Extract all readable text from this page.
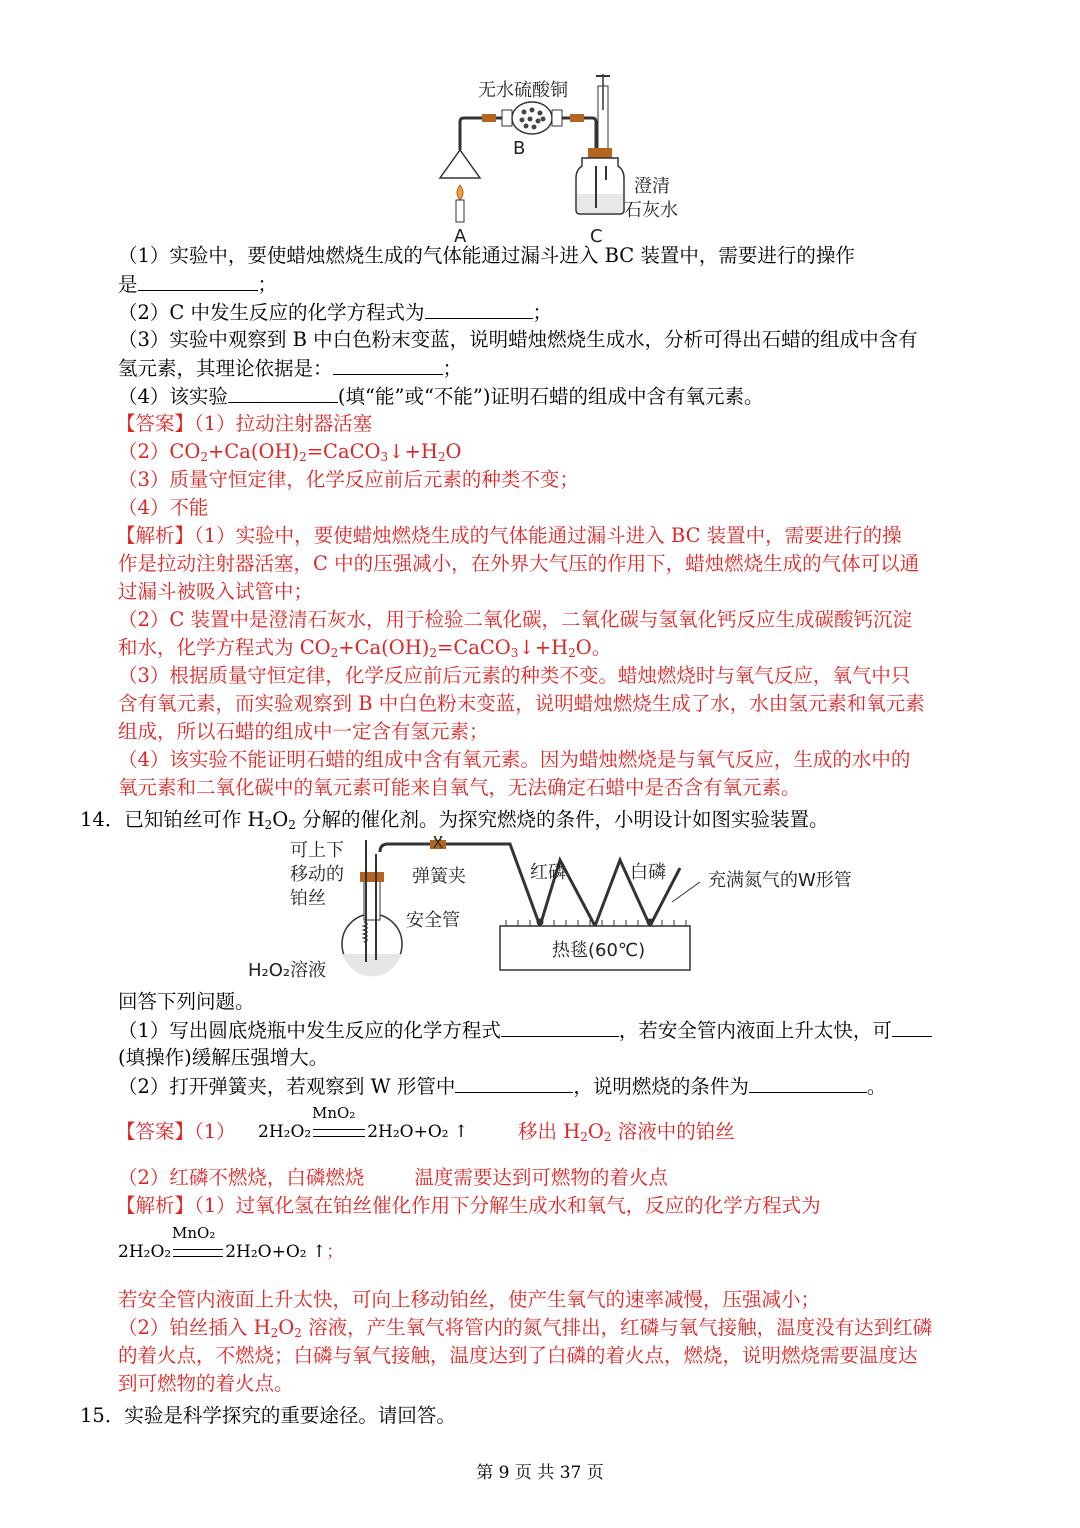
无水硫酸铜
B
A	C
澄清
石灰水
（1）实验中，要使蜡烛燃烧生成的气体能通过漏斗进入 BC 装置中，需要进行的操作
是	；
（2）C 中发生反应的化学方程式为	；
（3）实验中观察到 B 中白色粉末变蓝，说明蜡烛燃烧生成水，分析可得出石蜡的组成中含有
氢元素，其理论依据是：	；
（4）该实验	(填“能”或“不能”)证明石蜡的组成中含有氧元素。
【答案】（1）拉动注射器活塞
$(2)CO_2+Ca(OH)_2=CaCO_3↓+H_2O$
（3）质量守恒定律，化学反应前后元素的种类不变；
（4）不能
【解析】（1）实验中，要使蜡烛燃烧生成的气体能通过漏斗进入 BC 装置中，需要进行的操
作是拉动注射器活塞，C 中的压强减小，在外界大气压的作用下，蜡烛燃烧生成的气体可以通
过漏斗被吸入试管中；
（2）C 装置中是澄清石灰水，用于检验二氧化碳，二氧化碳与氢氧化钙反应生成碳酸钙沉淀
和水，化学方程式为 $CO_2+Ca(OH)_2=CaCO_3↓+H_2O$。
（3）根据质量守恒定律，化学反应前后元素的种类不变。蜡烛燃烧时与氧气反应，氧气中只
含有氧元素，而实验观察到 B 中白色粉末变蓝，说明蜡烛燃烧生成了水，水由氢元素和氧元素
组成，所以石蜡的组成中一定含有氢元素；
（4）该实验不能证明石蜡的组成中含有氧元素。因为蜡烛燃烧是与氧气反应，生成的水中的
氧元素和二氧化碳中的氧元素可能来自氧气，无法确定石蜡中是否含有氧元素。
14．已知铂丝可作 $H_2O_2$ 分解的催化剂。为探究燃烧的条件，小明设计如图实验装置。
可上下
移动的
铂丝
弹簧夹	红磷	白磷 充满氮气的W形管
安全管
H₂O₂溶液
热毯(60℃)
回答下列问题。
（1）写出圆底烧瓶中发生反应的化学方程式	，若安全管内液面上升太快，可
(填操作)缓解压强增大。
（2）打开弹簧夹，若观察到 W 形管中	，说明燃烧的条件为	。
【答案】（1）
MnO₂
2H₂O₂	2H₂O+O₂ ↑	移出 $H_2O_2$ 溶液中的铂丝
（2）红磷不燃烧，白磷燃烧	温度需要达到可燃物的着火点
【解析】（1）过氧化氢在铂丝催化作用下分解生成水和氧气，反应的化学方程式为
MnO₂
2H₂O₂	2H₂O+O₂ ↑；
若安全管内液面上升太快，可向上移动铂丝，使产生氧气的速率减慢，压强减小；
（2）铂丝插入 $H_2O_2$ 溶液，产生氧气将管内的氮气排出，红磷与氧气接触，温度没有达到红磷
的着火点，不燃烧；白磷与氧气接触，温度达到了白磷的着火点，燃烧，说明燃烧需要温度达
到可燃物的着火点。
15．实验是科学探究的重要途径。请回答。
第 9 页 共 37 页
